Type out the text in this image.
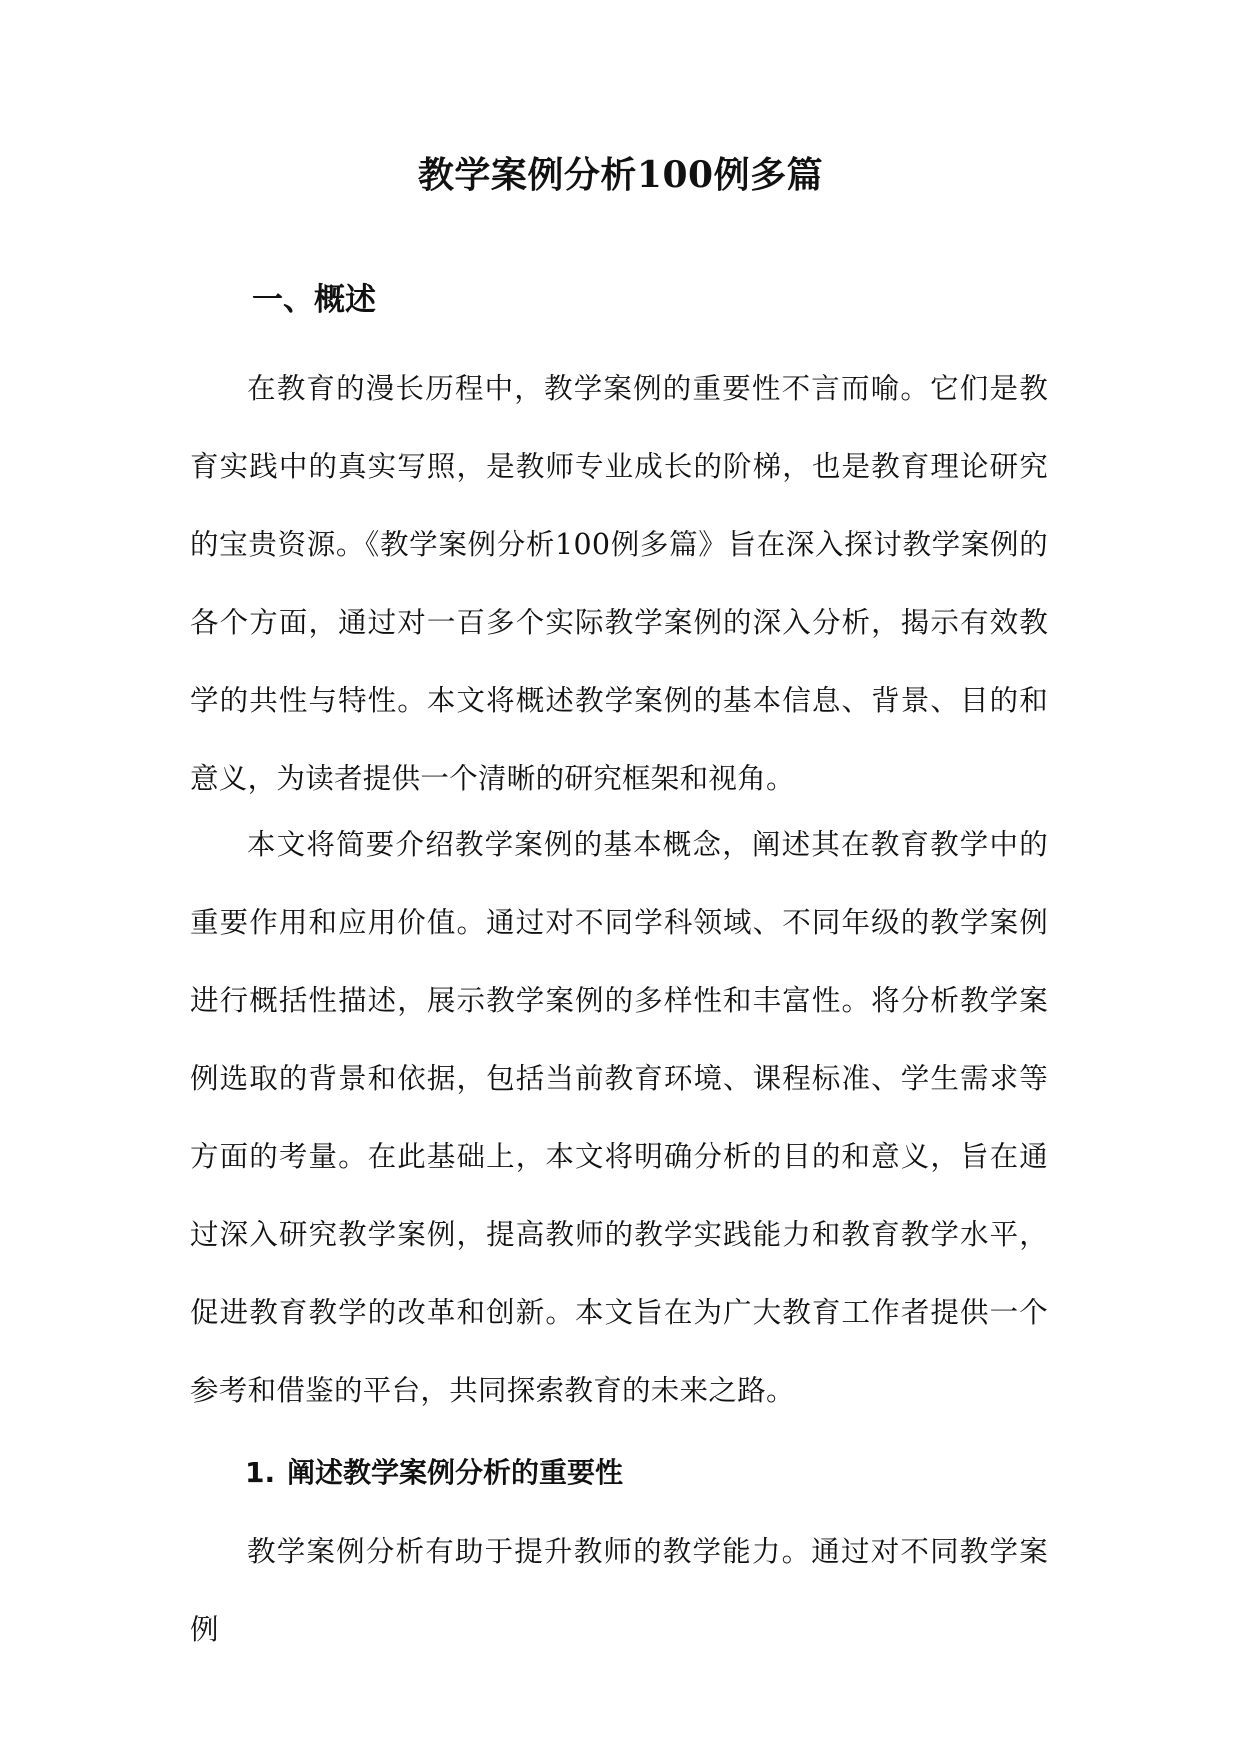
教学案例分析100例多篇
一、概述

在教育的漫长历程中，教学案例的重要性不言而喻。它们是教育实践中的真实写照，是教师专业成长的阶梯，也是教育理论研究的宝贵资源。《教学案例分析100例多篇》旨在深入探讨教学案例的各个方面，通过对一百多个实际教学案例的深入分析，揭示有效教学的共性与特性。本文将概述教学案例的基本信息、背景、目的和意义，为读者提供一个清晰的研究框架和视角。

本文将简要介绍教学案例的基本概念，阐述其在教育教学中的重要作用和应用价值。通过对不同学科领域、不同年级的教学案例进行概括性描述，展示教学案例的多样性和丰富性。将分析教学案例选取的背景和依据，包括当前教育环境、课程标准、学生需求等方面的考量。在此基础上，本文将明确分析的目的和意义，旨在通过深入研究教学案例，提高教师的教学实践能力和教育教学水平，促进教育教学的改革和创新。本文旨在为广大教育工作者提供一个参考和借鉴的平台，共同探索教育的未来之路。

1. 阐述教学案例分析的重要性

教学案例分析有助于提升教师的教学能力。通过对不同教学案例
